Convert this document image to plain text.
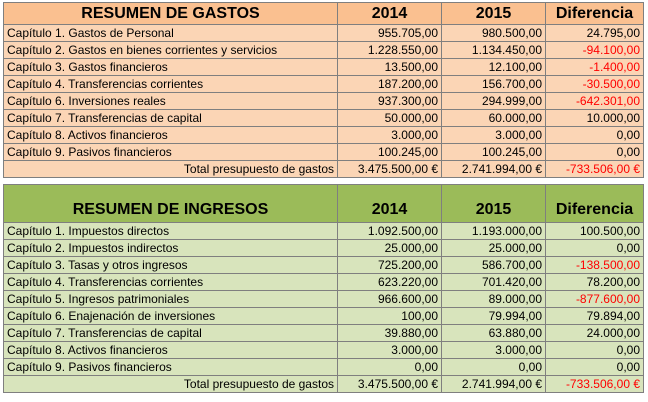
RESUMEN DE GASTOS	2014	2015	Diferencia
Capítulo 1. Gastos de Personal	955.705,00	980.500,00	24.795,00
Capítulo 2. Gastos en bienes corrientes y servicios	1.228.550,00	1.134.450,00	-94.100,00
Capítulo 3. Gastos financieros	13.500,00	12.100,00	-1.400,00
Capítulo 4. Transferencias corrientes	187.200,00	156.700,00	-30.500,00
Capítulo 6. Inversiones reales	937.300,00	294.999,00	-642.301,00
Capítulo 7. Transferencias de capital	50.000,00	60.000,00	10.000,00
Capítulo 8. Activos financieros	3.000,00	3.000,00	0,00
Capítulo 9. Pasivos financieros	100.245,00	100.245,00	0,00
Total presupuesto de gastos	3.475.500,00 €	2.741.994,00 €	-733.506,00 €
RESUMEN DE INGRESOS	2014	2015	Diferencia
Capítulo 1. Impuestos directos	1.092.500,00	1.193.000,00	100.500,00
Capítulo 2. Impuestos indirectos	25.000,00	25.000,00	0,00
Capítulo 3. Tasas y otros ingresos	725.200,00	586.700,00	-138.500,00
Capítulo 4. Transferencias corrientes	623.220,00	701.420,00	78.200,00
Capítulo 5. Ingresos patrimoniales	966.600,00	89.000,00	-877.600,00
Capítulo 6. Enajenación de inversiones	100,00	79.994,00	79.894,00
Capítulo 7. Transferencias de capital	39.880,00	63.880,00	24.000,00
Capítulo 8. Activos financieros	3.000,00	3.000,00	0,00
Capítulo 9. Pasivos financieros	0,00	0,00	0,00
Total presupuesto de gastos	3.475.500,00 €	2.741.994,00 €	-733.506,00 €
